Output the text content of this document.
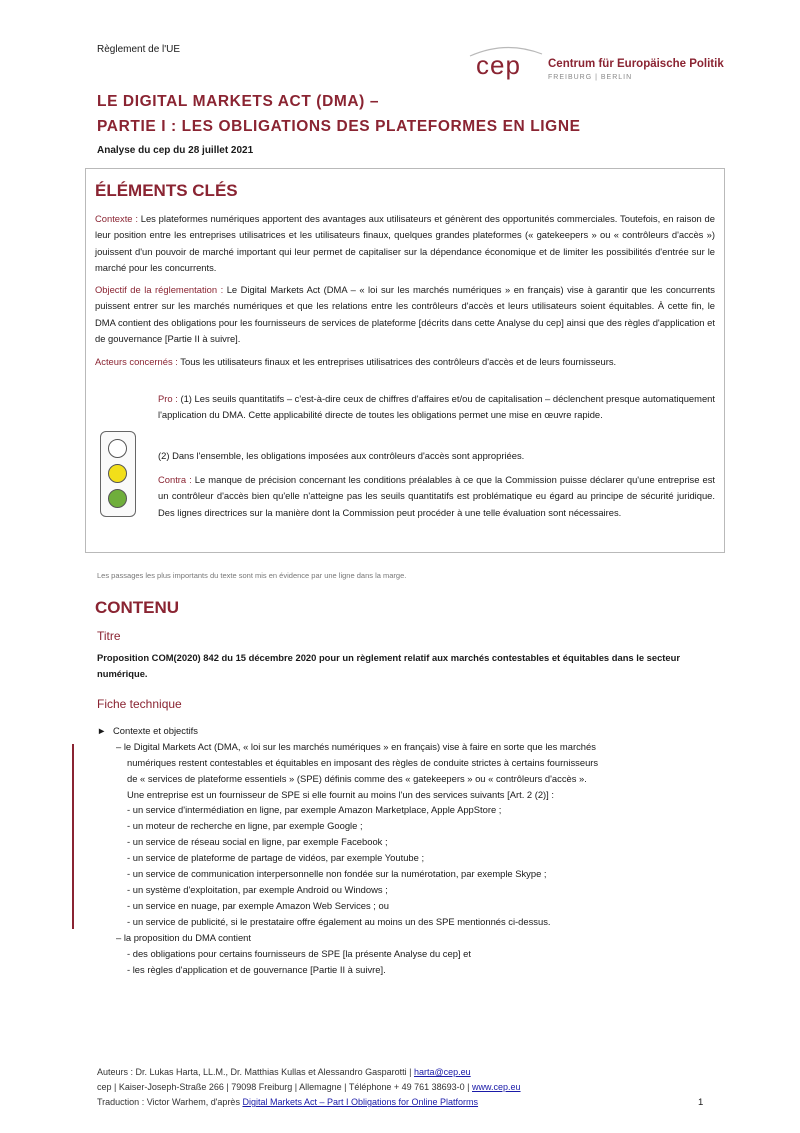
Règlement de l'UE
cep Centrum für Europäische Politik
FREIBURG | BERLIN
LE DIGITAL MARKETS ACT (DMA) –
PARTIE I : LES OBLIGATIONS DES PLATEFORMES EN LIGNE
Analyse du cep du 28 juillet 2021
ÉLÉMENTS CLÉS
Contexte : Les plateformes numériques apportent des avantages aux utilisateurs et génèrent des opportunités commerciales. Toutefois, en raison de leur position entre les entreprises utilisatrices et les utilisateurs finaux, quelques grandes plateformes (« gatekeepers » ou « contrôleurs d'accès ») jouissent d'un pouvoir de marché important qui leur permet de capitaliser sur la dépendance économique et de limiter les possibilités d'entrée sur le marché pour les concurrents.
Objectif de la réglementation : Le Digital Markets Act (DMA – « loi sur les marchés numériques » en français) vise à garantir que les concurrents puissent entrer sur les marchés numériques et que les relations entre les contrôleurs d'accès et leurs utilisateurs soient équitables. À cette fin, le DMA contient des obligations pour les fournisseurs de services de plateforme [décrits dans cette Analyse du cep] ainsi que des règles d'application et de gouvernance [Partie II à suivre].
Acteurs concernés : Tous les utilisateurs finaux et les entreprises utilisatrices des contrôleurs d'accès et de leurs fournisseurs.
Pro : (1) Les seuils quantitatifs – c'est-à-dire ceux de chiffres d'affaires et/ou de capitalisation – déclenchent presque automatiquement l'application du DMA. Cette applicabilité directe de toutes les obligations permet une mise en œuvre rapide.
(2) Dans l'ensemble, les obligations imposées aux contrôleurs d'accès sont appropriées.
Contra : Le manque de précision concernant les conditions préalables à ce que la Commission puisse déclarer qu'une entreprise est un contrôleur d'accès bien qu'elle n'atteigne pas les seuils quantitatifs est problématique eu égard au principe de sécurité juridique. Des lignes directrices sur la manière dont la Commission peut procéder à une telle évaluation sont nécessaires.
Les passages les plus importants du texte sont mis en évidence par une ligne dans la marge.
CONTENU
Titre
Proposition COM(2020) 842 du 15 décembre 2020 pour un règlement relatif aux marchés contestables et équitables dans le secteur numérique.
Fiche technique
► Contexte et objectifs
– le Digital Markets Act (DMA, « loi sur les marchés numériques » en français) vise à faire en sorte que les marchés
numériques restent contestables et équitables en imposant des règles de conduite strictes à certains fournisseurs
de « services de plateforme essentiels » (SPE) définis comme des « gatekeepers » ou « contrôleurs d'accès ».
Une entreprise est un fournisseur de SPE si elle fournit au moins l'un des services suivants [Art. 2 (2)] :
- un service d'intermédiation en ligne, par exemple Amazon Marketplace, Apple AppStore ;
- un moteur de recherche en ligne, par exemple Google ;
- un service de réseau social en ligne, par exemple Facebook ;
- un service de plateforme de partage de vidéos, par exemple Youtube ;
- un service de communication interpersonnelle non fondée sur la numérotation, par exemple Skype ;
- un système d'exploitation, par exemple Android ou Windows ;
- un service en nuage, par exemple Amazon Web Services ; ou
- un service de publicité, si le prestataire offre également au moins un des SPE mentionnés ci-dessus.
– la proposition du DMA contient
- des obligations pour certains fournisseurs de SPE [la présente Analyse du cep] et
- les règles d'application et de gouvernance [Partie II à suivre].
Auteurs : Dr. Lukas Harta, LL.M., Dr. Matthias Kullas et Alessandro Gasparotti | harta@cep.eu
cep | Kaiser-Joseph-Straße 266 | 79098 Freiburg | Allemagne | Téléphone + 49 761 38693-0 | www.cep.eu
Traduction : Victor Warhem, d'après Digital Markets Act – Part I Obligations for Online Platforms	1
